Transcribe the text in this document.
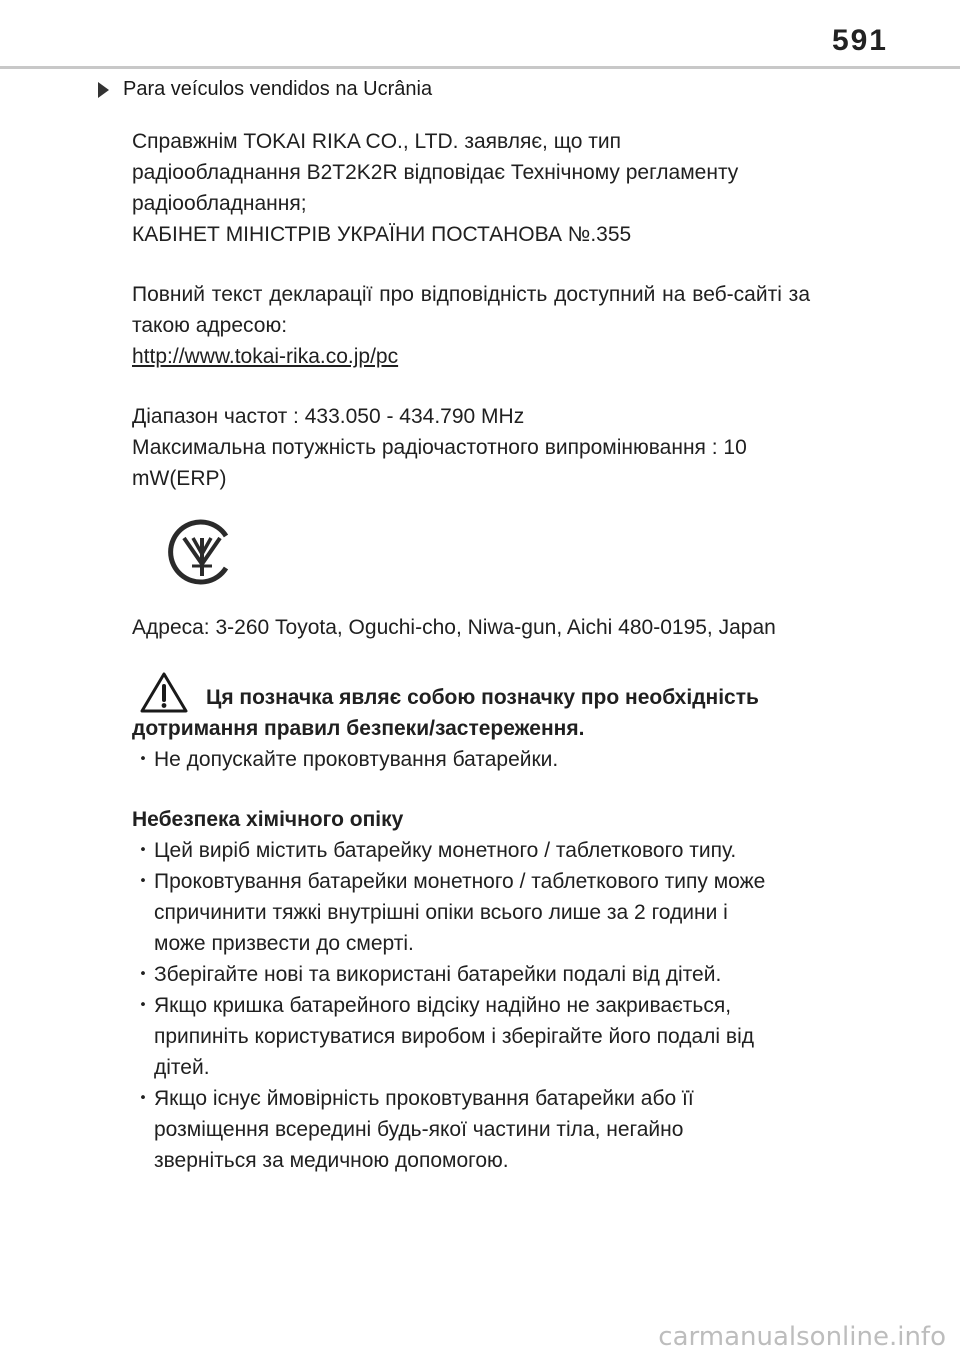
591
Para veículos vendidos na Ucrânia

Справжнім TOKAI RIKA CO., LTD. заявляє, що тип

радіообладнання B2T2K2R відповідає Технічному регламенту

радіообладнання;

КАБІНЕТ МІНІСТРІВ УКРАЇНИ ПОСТАНОВА №.355

Повний текст декларації про відповідність доступний на веб-сайті за такою адресою:

http://www.tokai-rika.co.jp/pc

Діапазон частот : 433.050 - 434.790 MHz

Максимальна потужність радіочастотного випромінювання : 10 mW(ERP)

Адреса: 3-260 Toyota, Oguchi-cho, Niwa-gun, Aichi 480-0195, Japan

Ця позначка являє собою позначку про необхідність

дотримання правил безпеки/застереження.

・Не допускайте проковтування батарейки.

Небезпека хімічного опіку

・Цей виріб містить батарейку монетного / таблеткового типу.

・Проковтування батарейки монетного / таблеткового типу може

спричинити тяжкі внутрішні опіки всього лише за 2 години і

може призвести до смерті.

・Зберігайте нові та використані батарейки подалі від дітей.

・Якщо кришка батарейного відсіку надійно не закривається,

припиніть користуватися виробом і зберігайте його подалі від

дітей.

・Якщо існує ймовірність проковтування батарейки або її

розміщення всередині будь-якої частини тіла, негайно

зверніться за медичною допомогою.

carmanualsonline.info
